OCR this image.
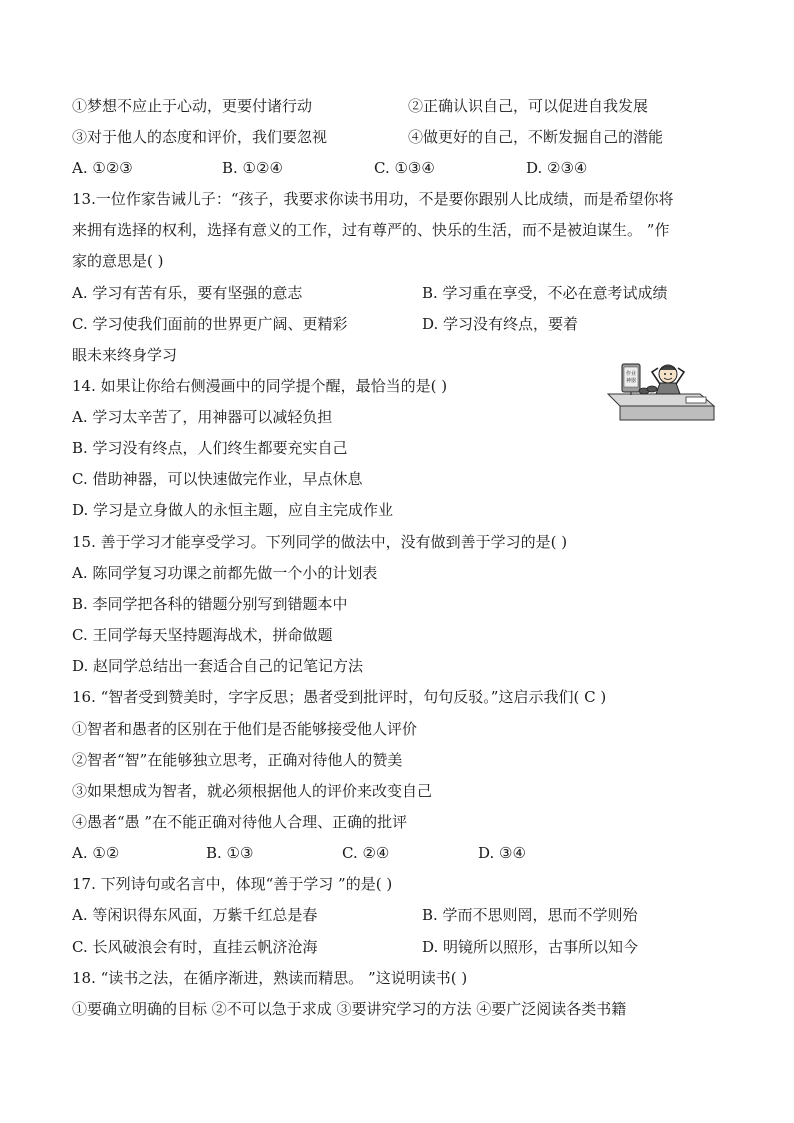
①梦想不应止于心动，更要付诸行动	②正确认识自己，可以促进自我发展
③对于他人的态度和评价，我们要忽视	④做更好的自己，不断发掘自己的潜能
A. ①②③	B. ①②④	C. ①③④	D. ②③④
13.一位作家告诫儿子：“孩子，我要求你读书用功，不是要你跟别人比成绩，而是希望你将
来拥有选择的权利，选择有意义的工作，过有尊严的、快乐的生活，而不是被迫谋生。 ”作
家的意思是( )
A. 学习有苦有乐，要有坚强的意志	B. 学习重在享受，不必在意考试成绩
C. 学习使我们面前的世界更广阔、更精彩	D. 学习没有终点，要着
眼未来终身学习
14. 如果让你给右侧漫画中的同学提个醒，最恰当的是( )
A. 学习太辛苦了，用神器可以减轻负担
B. 学习没有终点，人们终生都要充实自己
C. 借助神器，可以快速做完作业，早点休息
D. 学习是立身做人的永恒主题，应自主完成作业
作业
神器
15. 善于学习才能享受学习。下列同学的做法中，没有做到善于学习的是( )
A. 陈同学复习功课之前都先做一个小的计划表
B. 李同学把各科的错题分别写到错题本中
C. 王同学每天坚持题海战术，拼命做题
D. 赵同学总结出一套适合自己的记笔记方法
16. “智者受到赞美时，字字反思；愚者受到批评时，句句反驳。”这启示我们( C )
①智者和愚者的区别在于他们是否能够接受他人评价
②智者“智”在能够独立思考，正确对待他人的赞美
③如果想成为智者，就必须根据他人的评价来改变自己
④愚者“愚 ”在不能正确对待他人合理、正确的批评
A. ①②	B. ①③	C. ②④	D. ③④
17. 下列诗句或名言中，体现“善于学习 ”的是( )
A. 等闲识得东风面，万紫千红总是春	B. 学而不思则罔，思而不学则殆
C. 长风破浪会有时，直挂云帆济沧海	D. 明镜所以照形，古事所以知今
18. “读书之法，在循序渐进，熟读而精思。 ”这说明读书( )
①要确立明确的目标 ②不可以急于求成 ③要讲究学习的方法 ④要广泛阅读各类书籍
